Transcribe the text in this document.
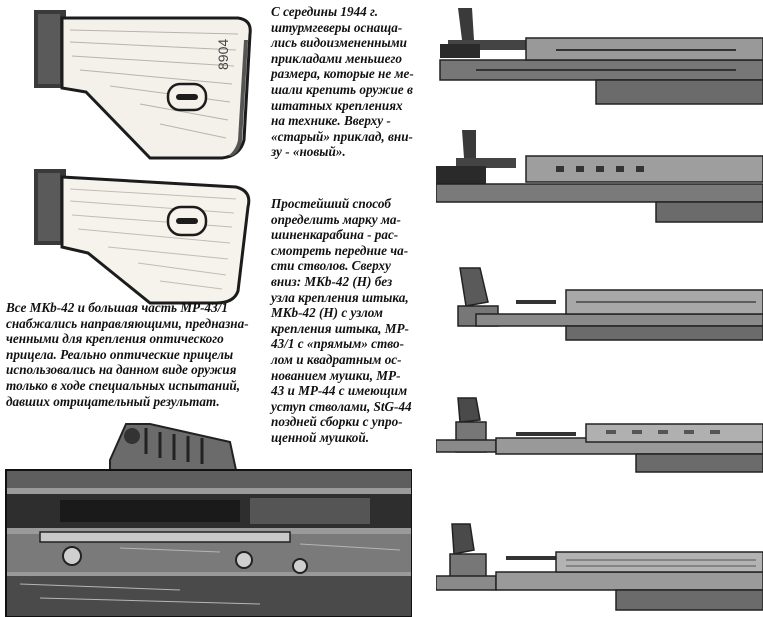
8904

С середины 1944 г.
штурмгеверы оснаща-
лись видоизмененными
прикладами меньшего
размера, которые не ме-
шали крепить оружие в
штатных креплениях
на технике. Вверху -
«старый» приклад, вни-
зу - «новый».

Простейший способ
определить марку ма-
шиненкарабина - рас-
смотреть передние ча-
сти стволов. Сверху
вниз: MKb-42 (H) без
узла крепления штыка,
MKb-42 (H) с узлом
крепления штыка, MP-
43/1 с «прямым» ство-
лом и квадратным ос-
нованием мушки, MP-
43 и MP-44 с имеющим
уступ стволами, StG-44
поздней сборки с упро-
щенной мушкой.

Все MKb-42 и большая часть MP-43/1
снабжались направляющими, предназна-
ченными для крепления оптического
прицела. Реально оптические прицелы
использовались на данном виде оружия
только в ходе специальных испытаний,
давших отрицательный результат.
